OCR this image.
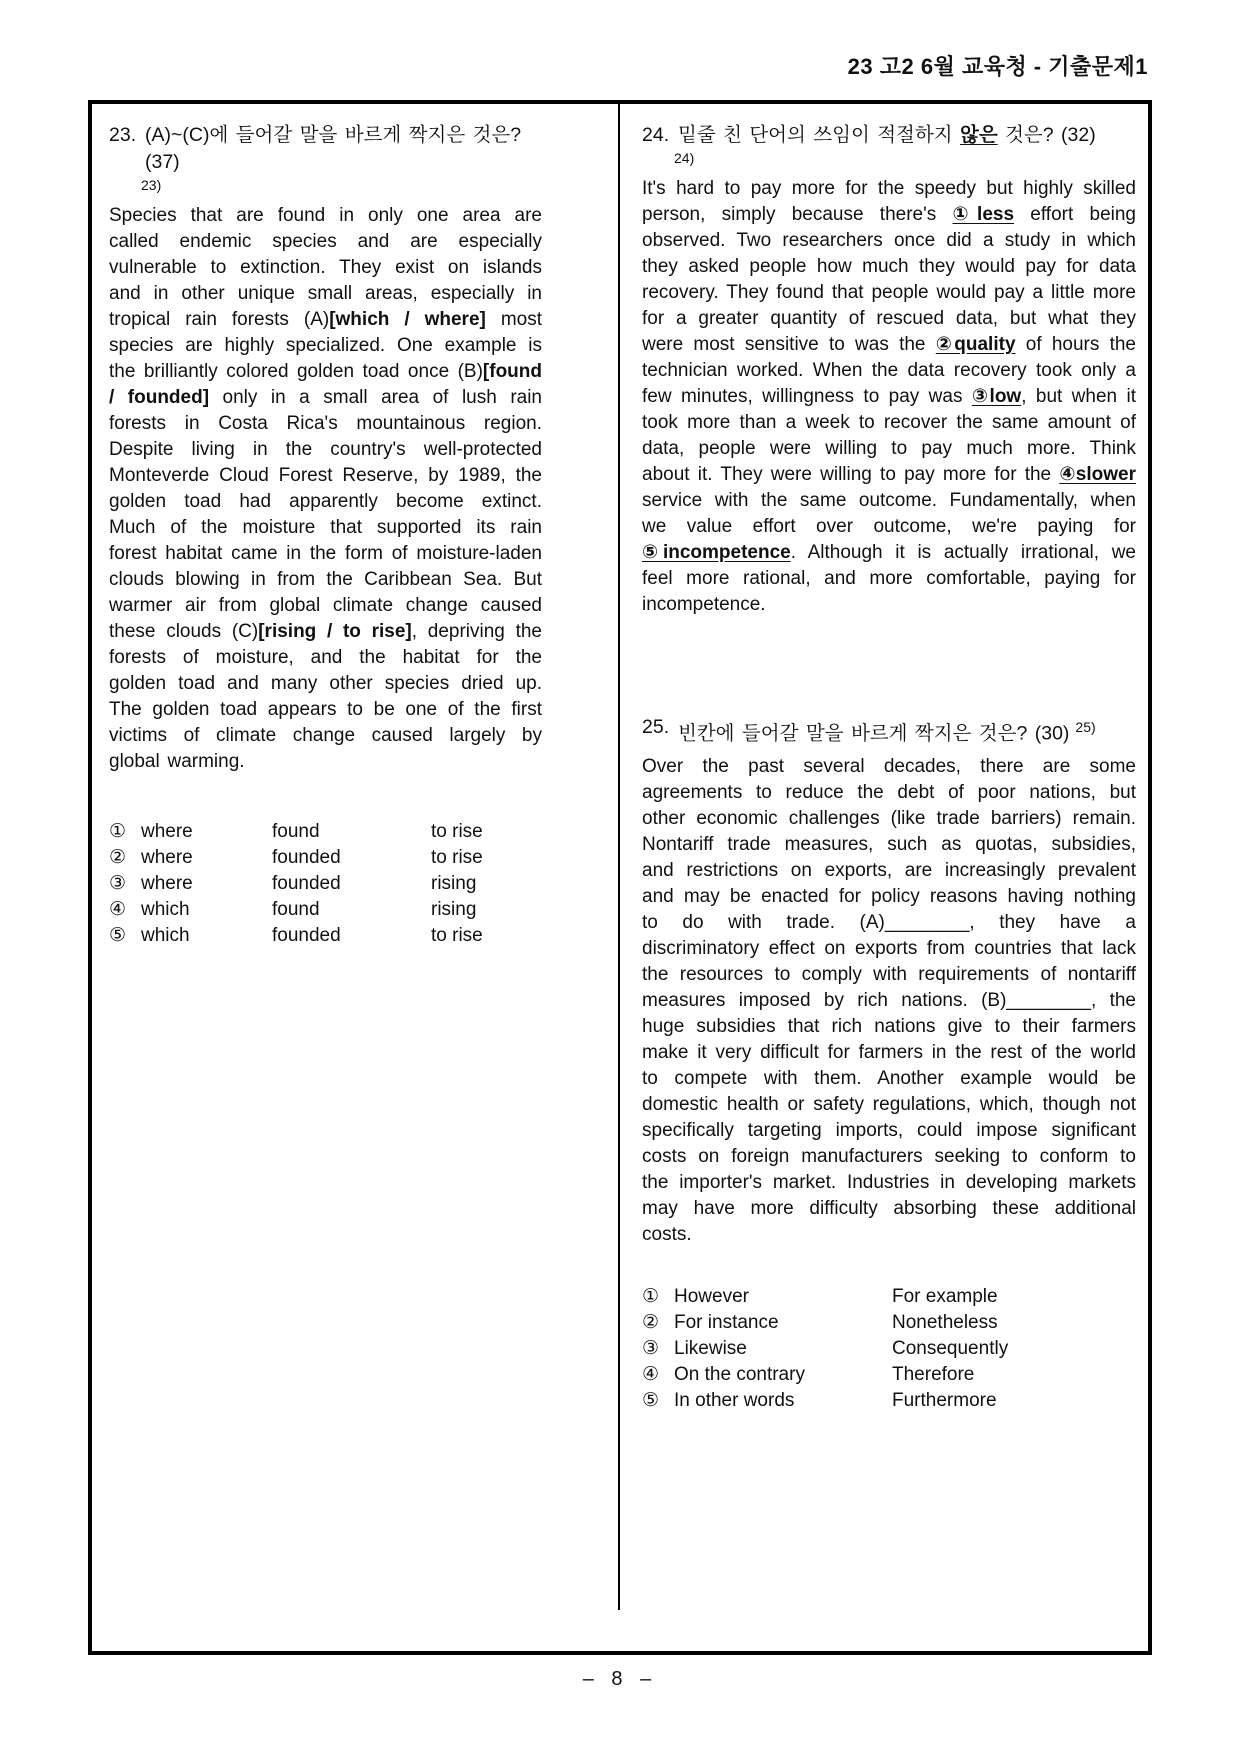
23 고2 6월 교육청 - 기출문제1
23. (A)~(C)에 들어갈 말을 바르게 짝지은 것은? (37)
23)

Species that are found in only one area are called endemic species and are especially vulnerable to extinction. They exist on islands and in other unique small areas, especially in tropical rain forests (A)[which / where] most species are highly specialized. One example is the brilliantly colored golden toad once (B)[found / founded] only in a small area of lush rain forests in Costa Rica's mountainous region. Despite living in the country's well-protected Monteverde Cloud Forest Reserve, by 1989, the golden toad had apparently become extinct. Much of the moisture that supported its rain forest habitat came in the form of moisture-laden clouds blowing in from the Caribbean Sea. But warmer air from global climate change caused these clouds (C)[rising / to rise], depriving the forests of moisture, and the habitat for the golden toad and many other species dried up. The golden toad appears to be one of the first victims of climate change caused largely by global warming.

① where	found	to rise
② where	founded	to rise
③ where	founded	rising
④ which	found	rising
⑤ which	founded	to rise
24. 밑줄 친 단어의 쓰임이 적절하지 않은 것은? (32)
24)

It's hard to pay more for the speedy but highly skilled person, simply because there's ①less effort being observed. Two researchers once did a study in which they asked people how much they would pay for data recovery. They found that people would pay a little more for a greater quantity of rescued data, but what they were most sensitive to was the ②quality of hours the technician worked. When the data recovery took only a few minutes, willingness to pay was ③low, but when it took more than a week to recover the same amount of data, people were willing to pay much more. Think about it. They were willing to pay more for the ④slower service with the same outcome. Fundamentally, when we value effort over outcome, we're paying for ⑤incompetence. Although it is actually irrational, we feel more rational, and more comfortable, paying for incompetence.

25. 빈칸에 들어갈 말을 바르게 짝지은 것은? (30) $^{25)}$

Over the past several decades, there are some agreements to reduce the debt of poor nations, but other economic challenges (like trade barriers) remain. Nontariff trade measures, such as quotas, subsidies, and restrictions on exports, are increasingly prevalent and may be enacted for policy reasons having nothing to do with trade. (A)________, they have a discriminatory effect on exports from countries that lack the resources to comply with requirements of nontariff measures imposed by rich nations. (B)________, the huge subsidies that rich nations give to their farmers make it very difficult for farmers in the rest of the world to compete with them. Another example would be domestic health or safety regulations, which, though not specifically targeting imports, could impose significant costs on foreign manufacturers seeking to conform to the importer's market. Industries in developing markets may have more difficulty absorbing these additional costs.

① However	For example
② For instance	Nonetheless
③ Likewise	Consequently
④ On the contrary	Therefore
⑤ In other words	Furthermore
– 8 –
